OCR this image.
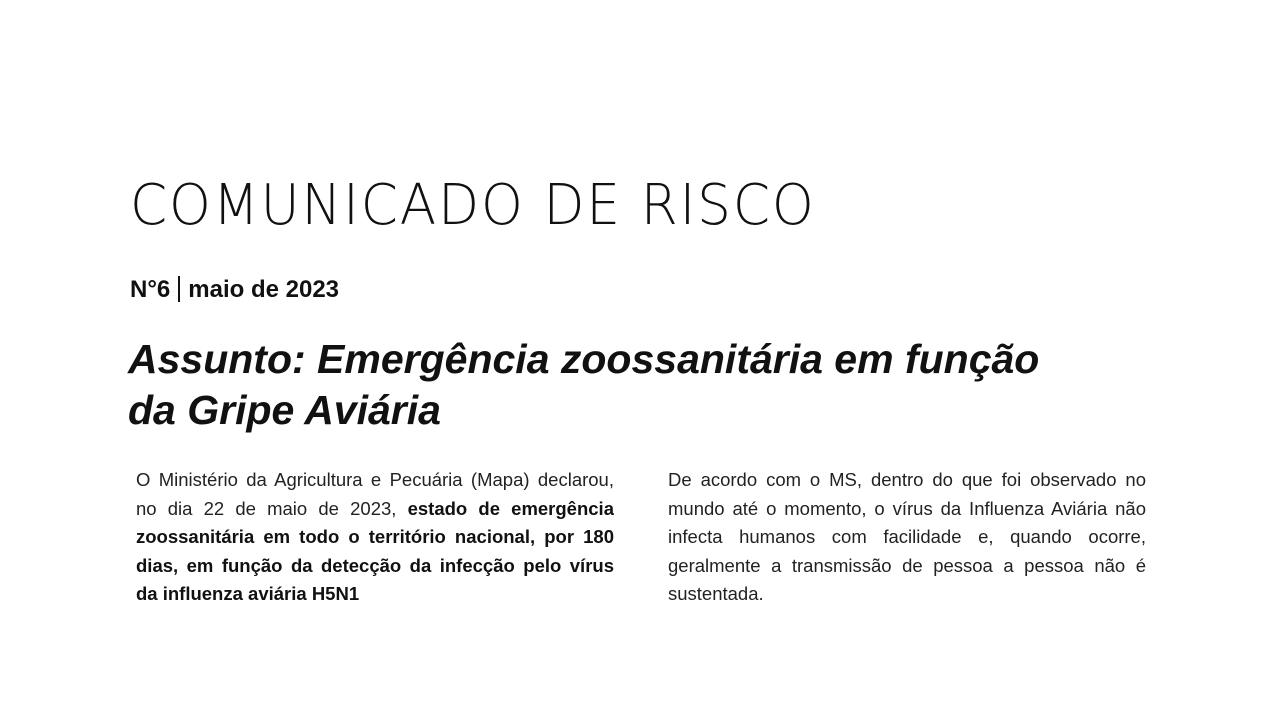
COMUNICADO DE RISCO
N°6 maio de 2023
Assunto: Emergência zoossanitária em função
da Gripe Aviária
O Ministério da Agricultura e Pecuária (Mapa) declarou, no dia 22 de maio de 2023, estado de emergência zoossanitária em todo o território nacional, por 180 dias, em função da detecção da infecção pelo vírus da influenza aviária H5N1
De acordo com o MS, dentro do que foi observado no mundo até o momento, o vírus da Influenza Aviária não infecta humanos com facilidade e, quando ocorre, geralmente a transmissão de pessoa a pessoa não é sustentada.
